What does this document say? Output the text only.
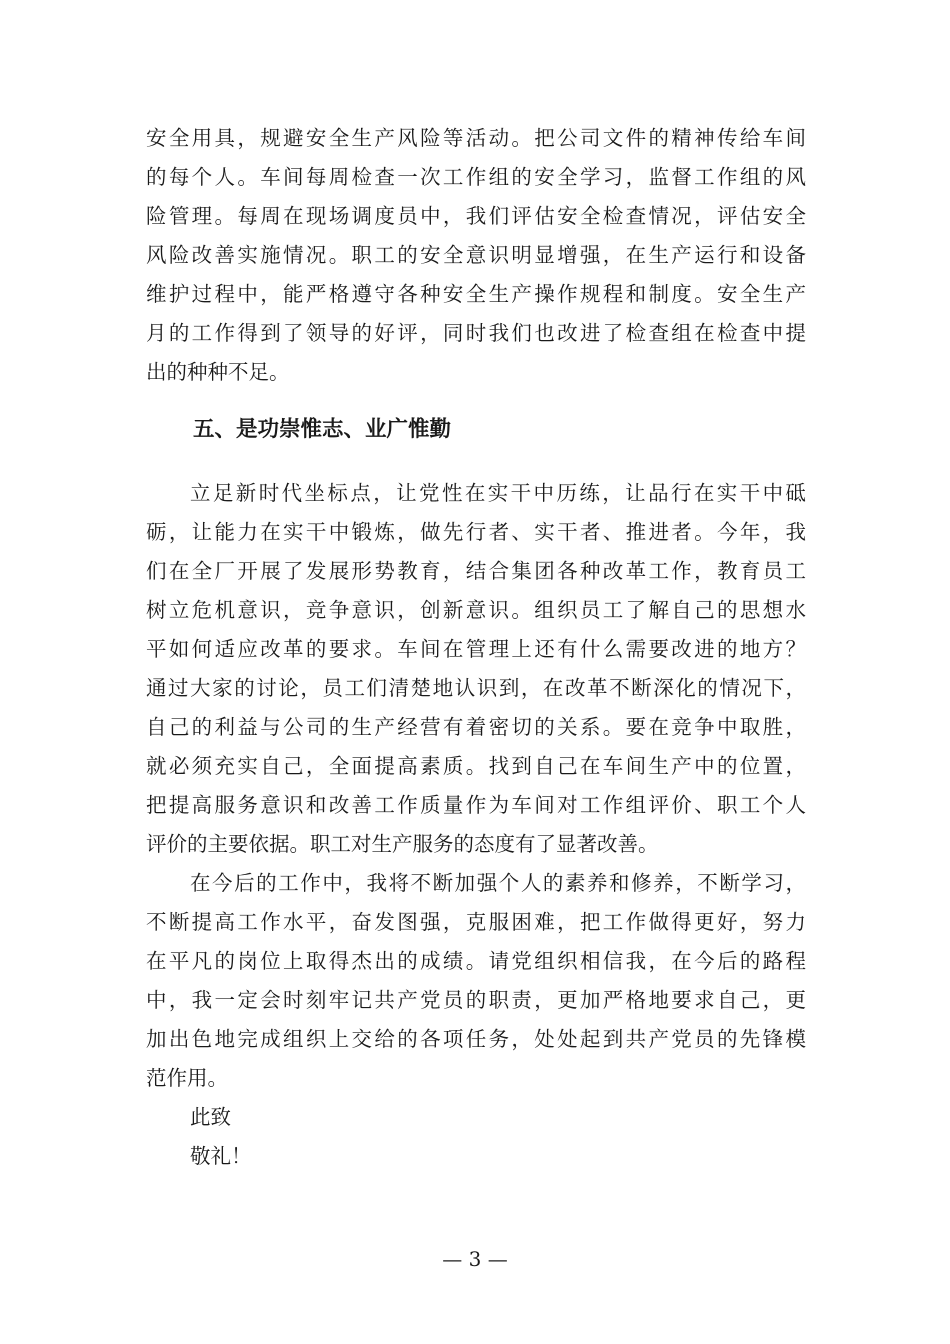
安全用具，规避安全生产风险等活动。把公司文件的精神传给车间
的每个人。车间每周检查一次工作组的安全学习，监督工作组的风
险管理。每周在现场调度员中，我们评估安全检查情况，评估安全
风险改善实施情况。职工的安全意识明显增强，在生产运行和设备
维护过程中，能严格遵守各种安全生产操作规程和制度。安全生产
月的工作得到了领导的好评，同时我们也改进了检查组在检查中提
出的种种不足。
五、是功崇惟志、业广惟勤
立足新时代坐标点，让党性在实干中历练，让品行在实干中砥
砺，让能力在实干中锻炼，做先行者、实干者、推进者。今年，我
们在全厂开展了发展形势教育，结合集团各种改革工作，教育员工
树立危机意识，竞争意识，创新意识。组织员工了解自己的思想水
平如何适应改革的要求。车间在管理上还有什么需要改进的地方？
通过大家的讨论，员工们清楚地认识到，在改革不断深化的情况下，
自己的利益与公司的生产经营有着密切的关系。要在竞争中取胜，
就必须充实自己，全面提高素质。找到自己在车间生产中的位置，
把提高服务意识和改善工作质量作为车间对工作组评价、职工个人
评价的主要依据。职工对生产服务的态度有了显著改善。
在今后的工作中，我将不断加强个人的素养和修养，不断学习，
不断提高工作水平，奋发图强，克服困难，把工作做得更好，努力
在平凡的岗位上取得杰出的成绩。请党组织相信我，在今后的路程
中，我一定会时刻牢记共产党员的职责，更加严格地要求自己，更
加出色地完成组织上交给的各项任务，处处起到共产党员的先锋模
范作用。
此致
敬礼！
— 3 —
